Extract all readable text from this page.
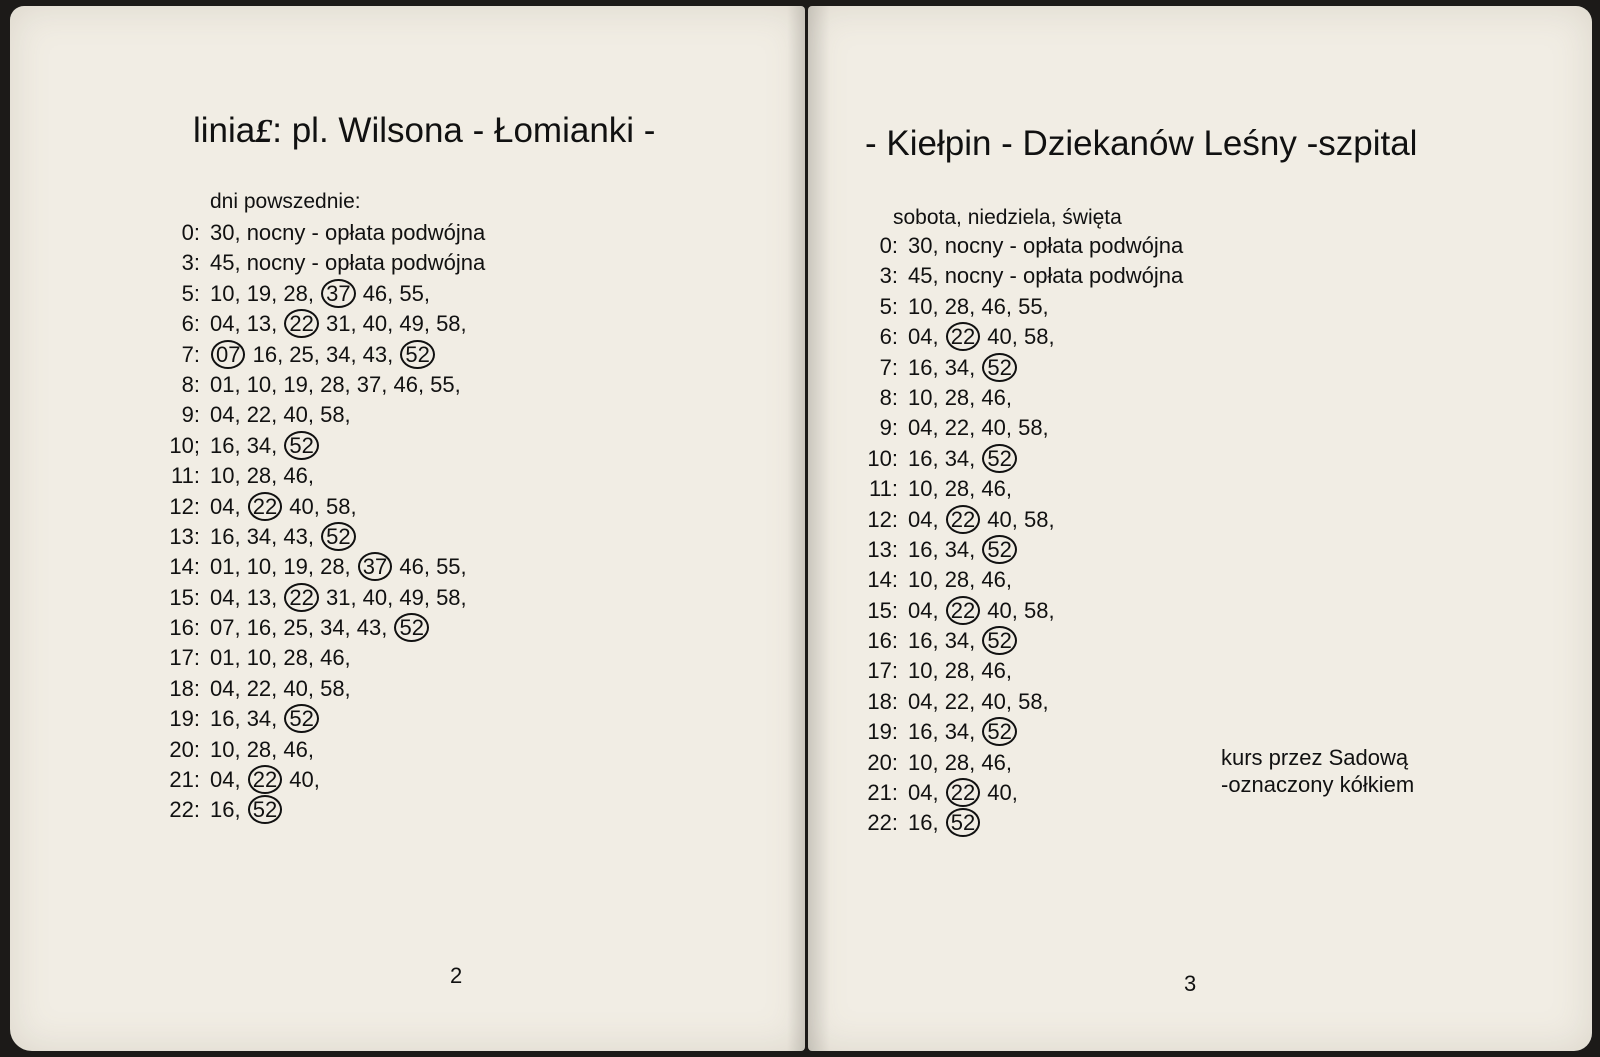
linia£: pl. Wilsona - Łomianki -
dni powszednie:
0: 30, nocny - opłata podwójna
3: 45, nocny - opłata podwójna
5: 10, 19, 28, 37 46, 55,
6: 04, 13, 22 31, 40, 49, 58,
7: 07 16, 25, 34, 43, 52
8: 01, 10, 19, 28, 37, 46, 55,
9: 04, 22, 40, 58,
10; 16, 34, 52
11: 10, 28, 46,
12: 04, 22 40, 58,
13: 16, 34, 43, 52
14: 01, 10, 19, 28, 37 46, 55,
15: 04, 13, 22 31, 40, 49, 58,
16: 07, 16, 25, 34, 43, 52
17: 01, 10, 28, 46,
18: 04, 22, 40, 58,
19: 16, 34, 52
20: 10, 28, 46,
21: 04, 22 40,
22: 16, 52
2
- Kiełpin - Dziekanów Leśny -szpital
sobota, niedziela, święta
0: 30, nocny - opłata podwójna
3: 45, nocny - opłata podwójna
5: 10, 28, 46, 55,
6: 04, 22 40, 58,
7: 16, 34, 52
8: 10, 28, 46,
9: 04, 22, 40, 58,
10: 16, 34, 52
11: 10, 28, 46,
12: 04, 22 40, 58,
13: 16, 34, 52
14: 10, 28, 46,
15: 04, 22 40, 58,
16: 16, 34, 52
17: 10, 28, 46,
18: 04, 22, 40, 58,
19: 16, 34, 52
20: 10, 28, 46,
21: 04, 22 40,
22: 16, 52
kurs przez Sadową
-oznaczony kółkiem
3
